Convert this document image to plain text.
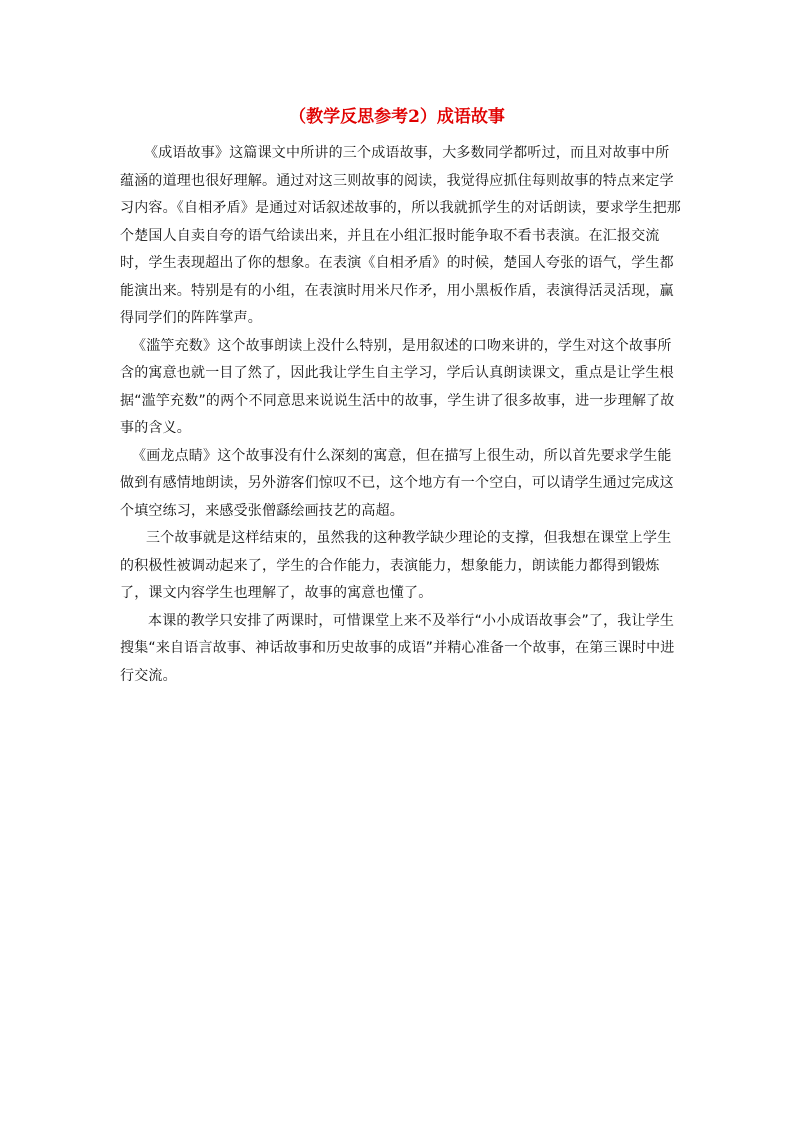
（教学反思参考2）成语故事

《成语故事》这篇课文中所讲的三个成语故事，大多数同学都听过，而且对故事中所蕴涵的道理也很好理解。通过对这三则故事的阅读，我觉得应抓住每则故事的特点来定学习内容。《自相矛盾》是通过对话叙述故事的，所以我就抓学生的对话朗读，要求学生把那个楚国人自卖自夸的语气给读出来，并且在小组汇报时能争取不看书表演。在汇报交流时，学生表现超出了你的想象。在表演《自相矛盾》的时候，楚国人夸张的语气，学生都能演出来。特别是有的小组，在表演时用米尺作矛，用小黑板作盾，表演得活灵活现，赢得同学们的阵阵掌声。

《滥竽充数》这个故事朗读上没什么特别，是用叙述的口吻来讲的，学生对这个故事所含的寓意也就一目了然了，因此我让学生自主学习，学后认真朗读课文，重点是让学生根据“滥竽充数”的两个不同意思来说说生活中的故事，学生讲了很多故事，进一步理解了故事的含义。

《画龙点睛》这个故事没有什么深刻的寓意，但在描写上很生动，所以首先要求学生能做到有感情地朗读，另外游客们惊叹不已，这个地方有一个空白，可以请学生通过完成这个填空练习，来感受张僧繇绘画技艺的高超。

三个故事就是这样结束的，虽然我的这种教学缺少理论的支撑，但我想在课堂上学生的积极性被调动起来了，学生的合作能力，表演能力，想象能力，朗读能力都得到锻炼了，课文内容学生也理解了，故事的寓意也懂了。

本课的教学只安排了两课时，可惜课堂上来不及举行“小小成语故事会”了，我让学生搜集“来自语言故事、神话故事和历史故事的成语”并精心准备一个故事，在第三课时中进行交流。
